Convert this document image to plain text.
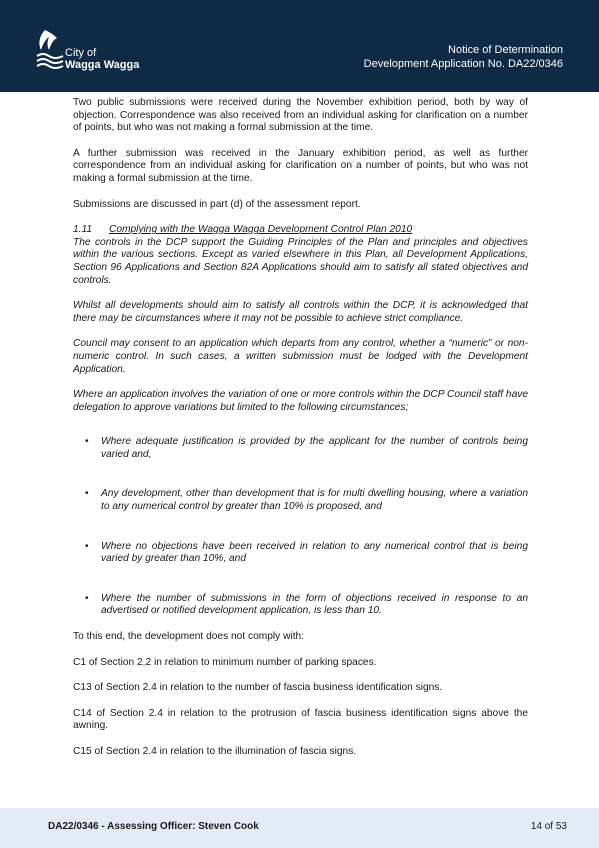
City of
Wagga Wagga
Notice of Determination
Development Application No. DA22/0346

Two public submissions were received during the November exhibition period, both by way of objection. Correspondence was also received from an individual asking for clarification on a number of points, but who was not making a formal submission at the time.

A further submission was received in the January exhibition period, as well as further correspondence from an individual asking for clarification on a number of points, but who was not making a formal submission at the time.

Submissions are discussed in part (d) of the assessment report.

1.11 Complying with the Wagga Wagga Development Control Plan 2010

The controls in the DCP support the Guiding Principles of the Plan and principles and objectives within the various sections. Except as varied elsewhere in this Plan, all Development Applications, Section 96 Applications and Section 82A Applications should aim to satisfy all stated objectives and controls.

Whilst all developments should aim to satisfy all controls within the DCP, it is acknowledged that there may be circumstances where it may not be possible to achieve strict compliance.

Council may consent to an application which departs from any control, whether a “numeric” or non-numeric control. In such cases, a written submission must be lodged with the Development Application.

Where an application involves the variation of one or more controls within the DCP Council staff have delegation to approve variations but limited to the following circumstances;

• Where adequate justification is provided by the applicant for the number of controls being varied and,
• Any development, other than development that is for multi dwelling housing, where a variation to any numerical control by greater than 10% is proposed, and
• Where no objections have been received in relation to any numerical control that is being varied by greater than 10%, and
• Where the number of submissions in the form of objections received in response to an advertised or notified development application, is less than 10.

To this end, the development does not comply with:

C1 of Section 2.2 in relation to minimum number of parking spaces.

C13 of Section 2.4 in relation to the number of fascia business identification signs.

C14 of Section 2.4 in relation to the protrusion of fascia business identification signs above the awning.

C15 of Section 2.4 in relation to the illumination of fascia signs.

DA22/0346 - Assessing Officer: Steven Cook	14 of 53
